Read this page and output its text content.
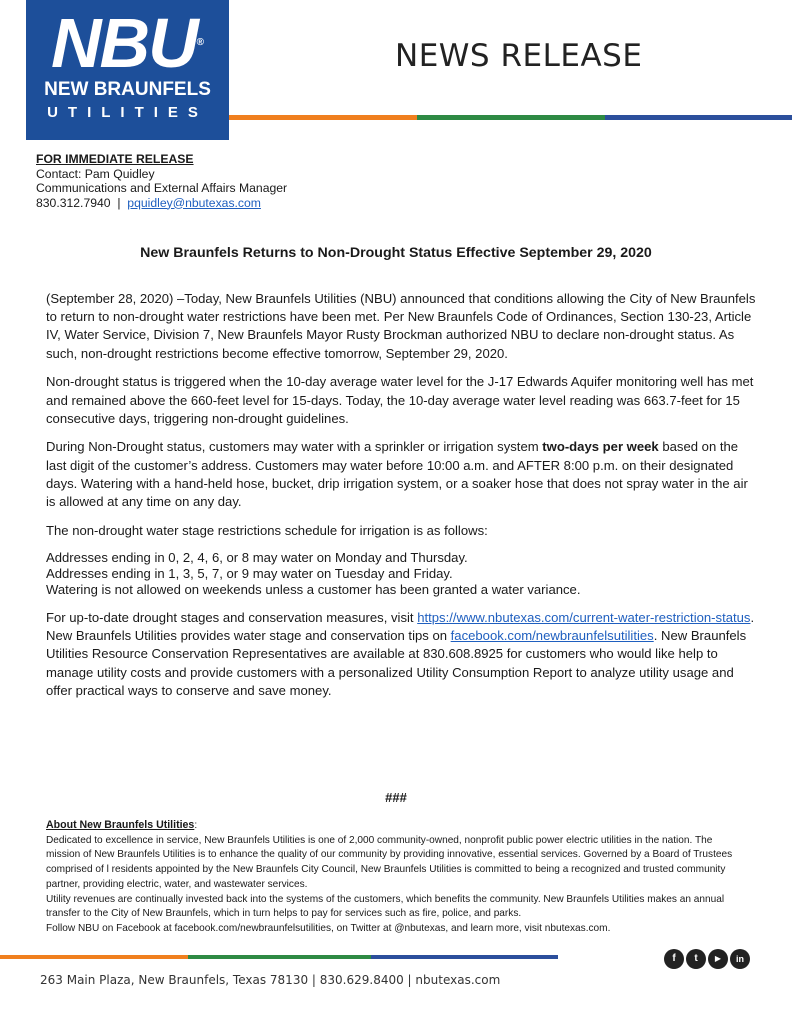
NBU®
NEW BRAUNFELS
UTILITIES
NEWS RELEASE
FOR IMMEDIATE RELEASE
Contact: Pam Quidley
Communications and External Affairs Manager
830.312.7940 | pquidley@nbutexas.com
New Braunfels Returns to Non-Drought Status Effective September 29, 2020

(September 28, 2020) –Today, New Braunfels Utilities (NBU) announced that conditions allowing the City of New Braunfels to return to non-drought water restrictions have been met. Per New Braunfels Code of Ordinances, Section 130-23, Article IV, Water Service, Division 7, New Braunfels Mayor Rusty Brockman authorized NBU to declare non-drought status. As such, non-drought restrictions become effective tomorrow, September 29, 2020.

Non-drought status is triggered when the 10-day average water level for the J-17 Edwards Aquifer monitoring well has met and remained above the 660-feet level for 15-days. Today, the 10-day average water level reading was 663.7-feet for 15 consecutive days, triggering non-drought guidelines.

During Non-Drought status, customers may water with a sprinkler or irrigation system two-days per week based on the last digit of the customer’s address. Customers may water before 10:00 a.m. and AFTER 8:00 p.m. on their designated days. Watering with a hand-held hose, bucket, drip irrigation system, or a soaker hose that does not spray water in the air is allowed at any time on any day.

The non-drought water stage restrictions schedule for irrigation is as follows:

Addresses ending in 0, 2, 4, 6, or 8 may water on Monday and Thursday.
Addresses ending in 1, 3, 5, 7, or 9 may water on Tuesday and Friday.
Watering is not allowed on weekends unless a customer has been granted a water variance.

For up-to-date drought stages and conservation measures, visit https://www.nbutexas.com/current-water-restriction-status. New Braunfels Utilities provides water stage and conservation tips on facebook.com/newbraunfelsutilities. New Braunfels Utilities Resource Conservation Representatives are available at 830.608.8925 for customers who would like help to manage utility costs and provide customers with a personalized Utility Consumption Report to analyze utility usage and offer practical ways to conserve and save money.

###
About New Braunfels Utilities:
Dedicated to excellence in service, New Braunfels Utilities is one of 2,000 community-owned, nonprofit public power electric utilities in the nation. The mission of New Braunfels Utilities is to enhance the quality of our community by providing innovative, essential services. Governed by a Board of Trustees comprised of l residents appointed by the New Braunfels City Council, New Braunfels Utilities is committed to being a recognized and trusted community partner, providing electric, water, and wastewater services.
Utility revenues are continually invested back into the systems of the customers, which benefits the community. New Braunfels Utilities makes an annual transfer to the City of New Braunfels, which in turn helps to pay for services such as fire, police, and parks.
Follow NBU on Facebook at facebook.com/newbraunfelsutilities, on Twitter at @nbutexas, and learn more, visit nbutexas.com.
f	t	▶	in
263 Main Plaza, New Braunfels, Texas 78130 | 830.629.8400 | nbutexas.com
